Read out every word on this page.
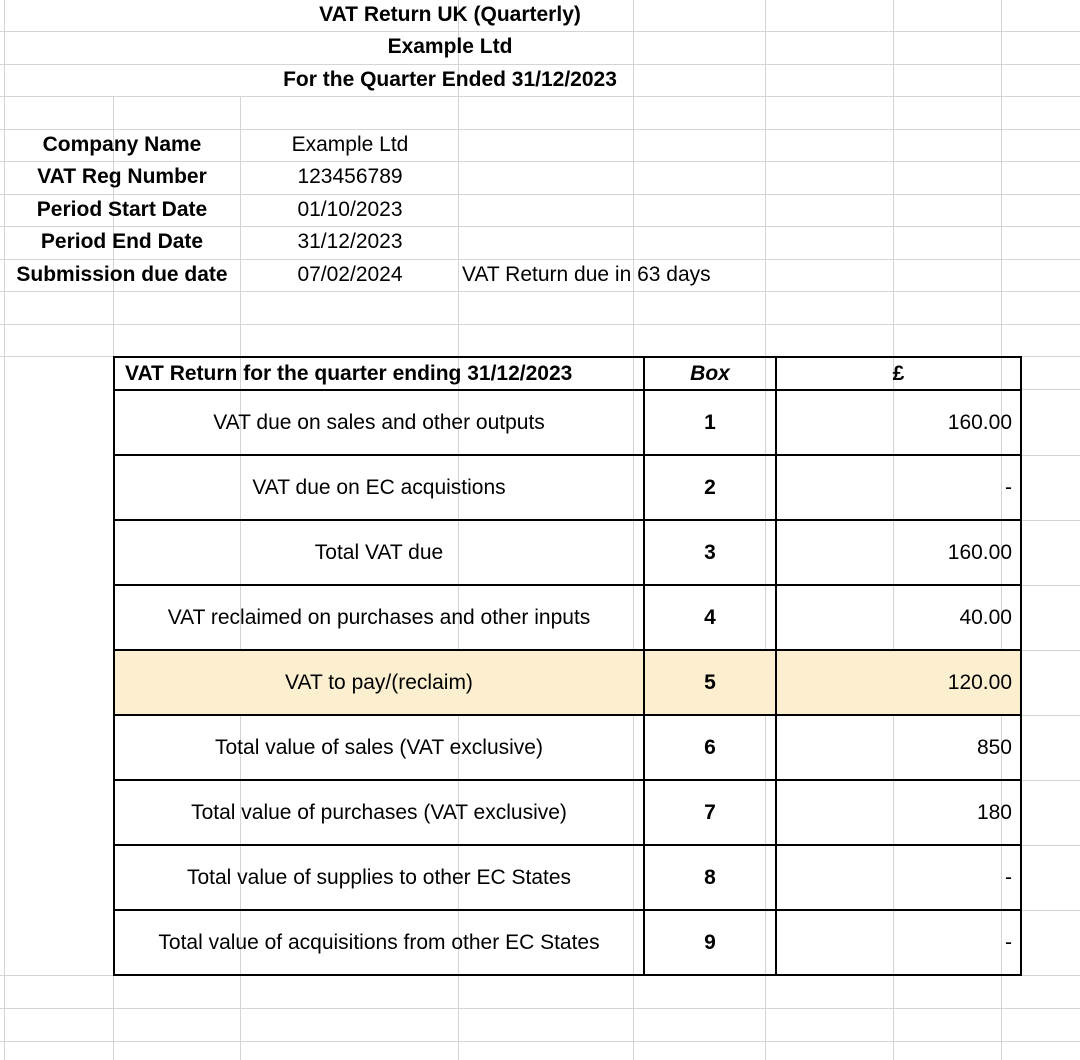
VAT Return UK (Quarterly)
Example Ltd
For the Quarter Ended 31/12/2023
Company Name	Example Ltd
VAT Reg Number	123456789
Period Start Date	01/10/2023
Period End Date	31/12/2023
Submission due date	07/02/2024	VAT Return due in 63 days
VAT Return for the quarter ending 31/12/2023	Box	£
VAT due on sales and other outputs	1	160.00
VAT due on EC acquistions	2	-
Total VAT due	3	160.00
VAT reclaimed on purchases and other inputs	4	40.00
VAT to pay/(reclaim)	5	120.00
Total value of sales (VAT exclusive)	6	850
Total value of purchases (VAT exclusive)	7	180
Total value of supplies to other EC States	8	-
Total value of acquisitions from other EC States	9	-
